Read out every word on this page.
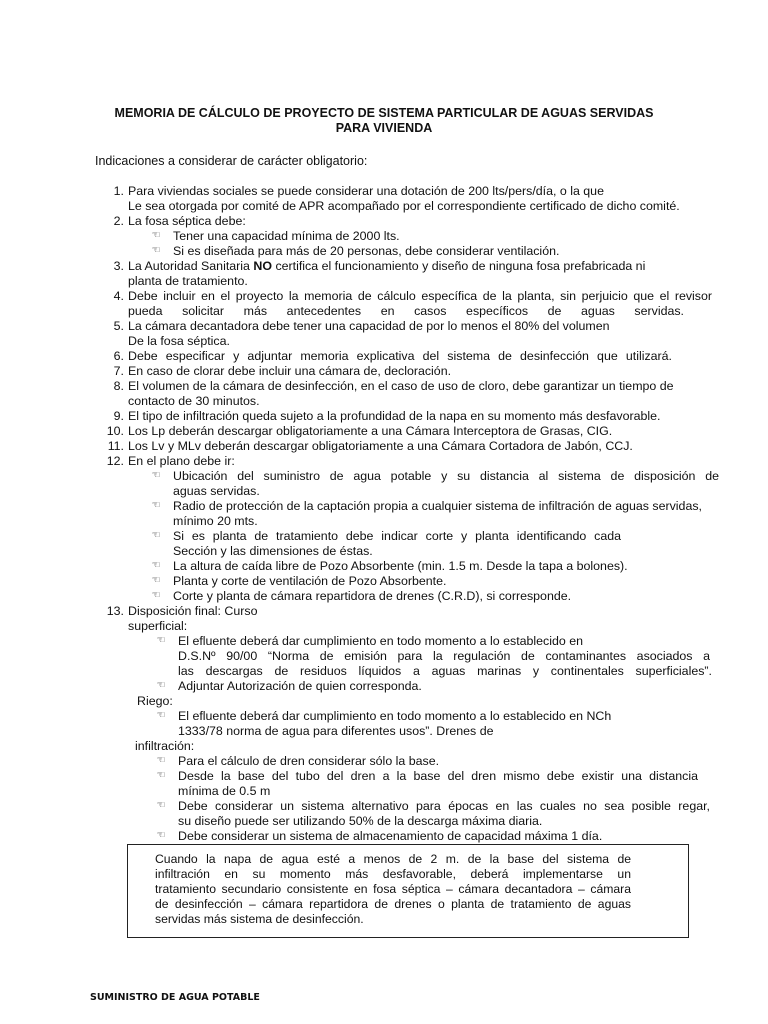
MEMORIA DE CÁLCULO DE PROYECTO DE SISTEMA PARTICULAR DE AGUAS SERVIDAS
PARA VIVIENDA
Indicaciones a considerar de carácter obligatorio:
1. Para viviendas sociales se puede considerar una dotación de 200 lts/pers/día, o la que
Le sea otorgada por comité de APR acompañado por el correspondiente certificado de dicho comité.
2. La fosa séptica debe:
☜ Tener una capacidad mínima de 2000 lts.
☜ Si es diseñada para más de 20 personas, debe considerar ventilación.
3. La Autoridad Sanitaria NO certifica el funcionamiento y diseño de ninguna fosa prefabricada ni
planta de tratamiento.
4. Debe incluir en el proyecto la memoria de cálculo específica de la planta, sin perjuicio que el revisor
pueda solicitar más antecedentes en casos específicos de aguas servidas.
5. La cámara decantadora debe tener una capacidad de por lo menos el 80% del volumen
De la fosa séptica.
6. Debe especificar y adjuntar memoria explicativa del sistema de desinfección que utilizará.
7. En caso de clorar debe incluir una cámara de, decloración.
8. El volumen de la cámara de desinfección, en el caso de uso de cloro, debe garantizar un tiempo de
contacto de 30 minutos.
9. El tipo de infiltración queda sujeto a la profundidad de la napa en su momento más desfavorable.
10. Los Lp deberán descargar obligatoriamente a una Cámara Interceptora de Grasas, CIG.
11. Los Lv y MLv deberán descargar obligatoriamente a una Cámara Cortadora de Jabón, CCJ.
12. En el plano debe ir:
☜ Ubicación del suministro de agua potable y su distancia al sistema de disposición de
aguas servidas.
☜ Radio de protección de la captación propia a cualquier sistema de infiltración de aguas servidas,
mínimo 20 mts.
☜ Si es planta de tratamiento debe indicar corte y planta identificando cada
Sección y las dimensiones de éstas.
☜ La altura de caída libre de Pozo Absorbente (min. 1.5 m. Desde la tapa a bolones).
☜ Planta y corte de ventilación de Pozo Absorbente.
☜ Corte y planta de cámara repartidora de drenes (C.R.D), si corresponde.
13. Disposición final: Curso
superficial:
☜ El efluente deberá dar cumplimiento en todo momento a lo establecido en
D.S.Nº 90/00 “Norma de emisión para la regulación de contaminantes asociados a
las descargas de residuos líquidos a aguas marinas y continentales superficiales”.
☜ Adjuntar Autorización de quien corresponda.
Riego:
☜ El efluente deberá dar cumplimiento en todo momento a lo establecido en NCh
1333/78 norma de agua para diferentes usos”. Drenes de
infiltración:
☜ Para el cálculo de dren considerar sólo la base.
☜ Desde la base del tubo del dren a la base del dren mismo debe existir una distancia
mínima de 0.5 m
☜ Debe considerar un sistema alternativo para épocas en las cuales no sea posible regar,
su diseño puede ser utilizando 50% de la descarga máxima diaria.
☜ Debe considerar un sistema de almacenamiento de capacidad máxima 1 día.
Cuando la napa de agua esté a menos de 2 m. de la base del sistema de
infiltración en su momento más desfavorable, deberá implementarse un
tratamiento secundario consistente en fosa séptica – cámara decantadora – cámara
de desinfección – cámara repartidora de drenes o planta de tratamiento de aguas
servidas más sistema de desinfección.
SUMINISTRO DE AGUA POTABLE
